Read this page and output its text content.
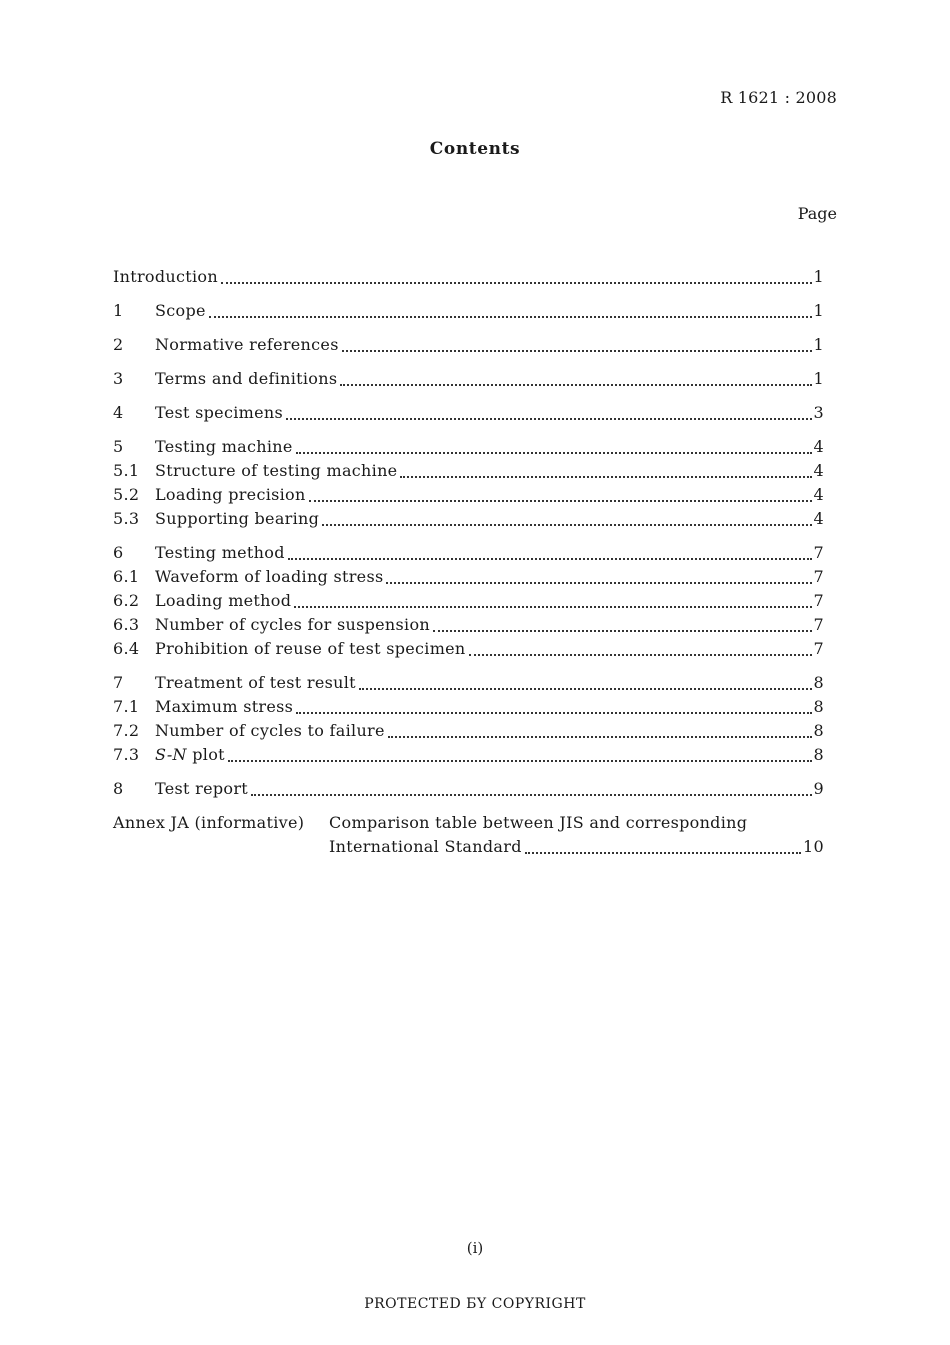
R 1621 : 2008
Contents
Page
Introduction	1
1	Scope	1
2	Normative references	1
3	Terms and definitions	1
4	Test specimens	3
5	Testing machine	4
5.1 Structure of testing machine	4
5.2 Loading precision	4
5.3 Supporting bearing	4
6	Testing method	7
6.1 Waveform of loading stress	7
6.2 Loading method	7
6.3 Number of cycles for suspension	7
6.4 Prohibition of reuse of test specimen	7
7	Treatment of test result	8
7.1 Maximum stress	8
7.2 Number of cycles to failure	8
7.3 S-N plot	8
8	Test report	9
Annex JA (informative) Comparison table between JIS and corresponding
International Standard	10
(i)
PROTECTED БY COPYRIGHT
